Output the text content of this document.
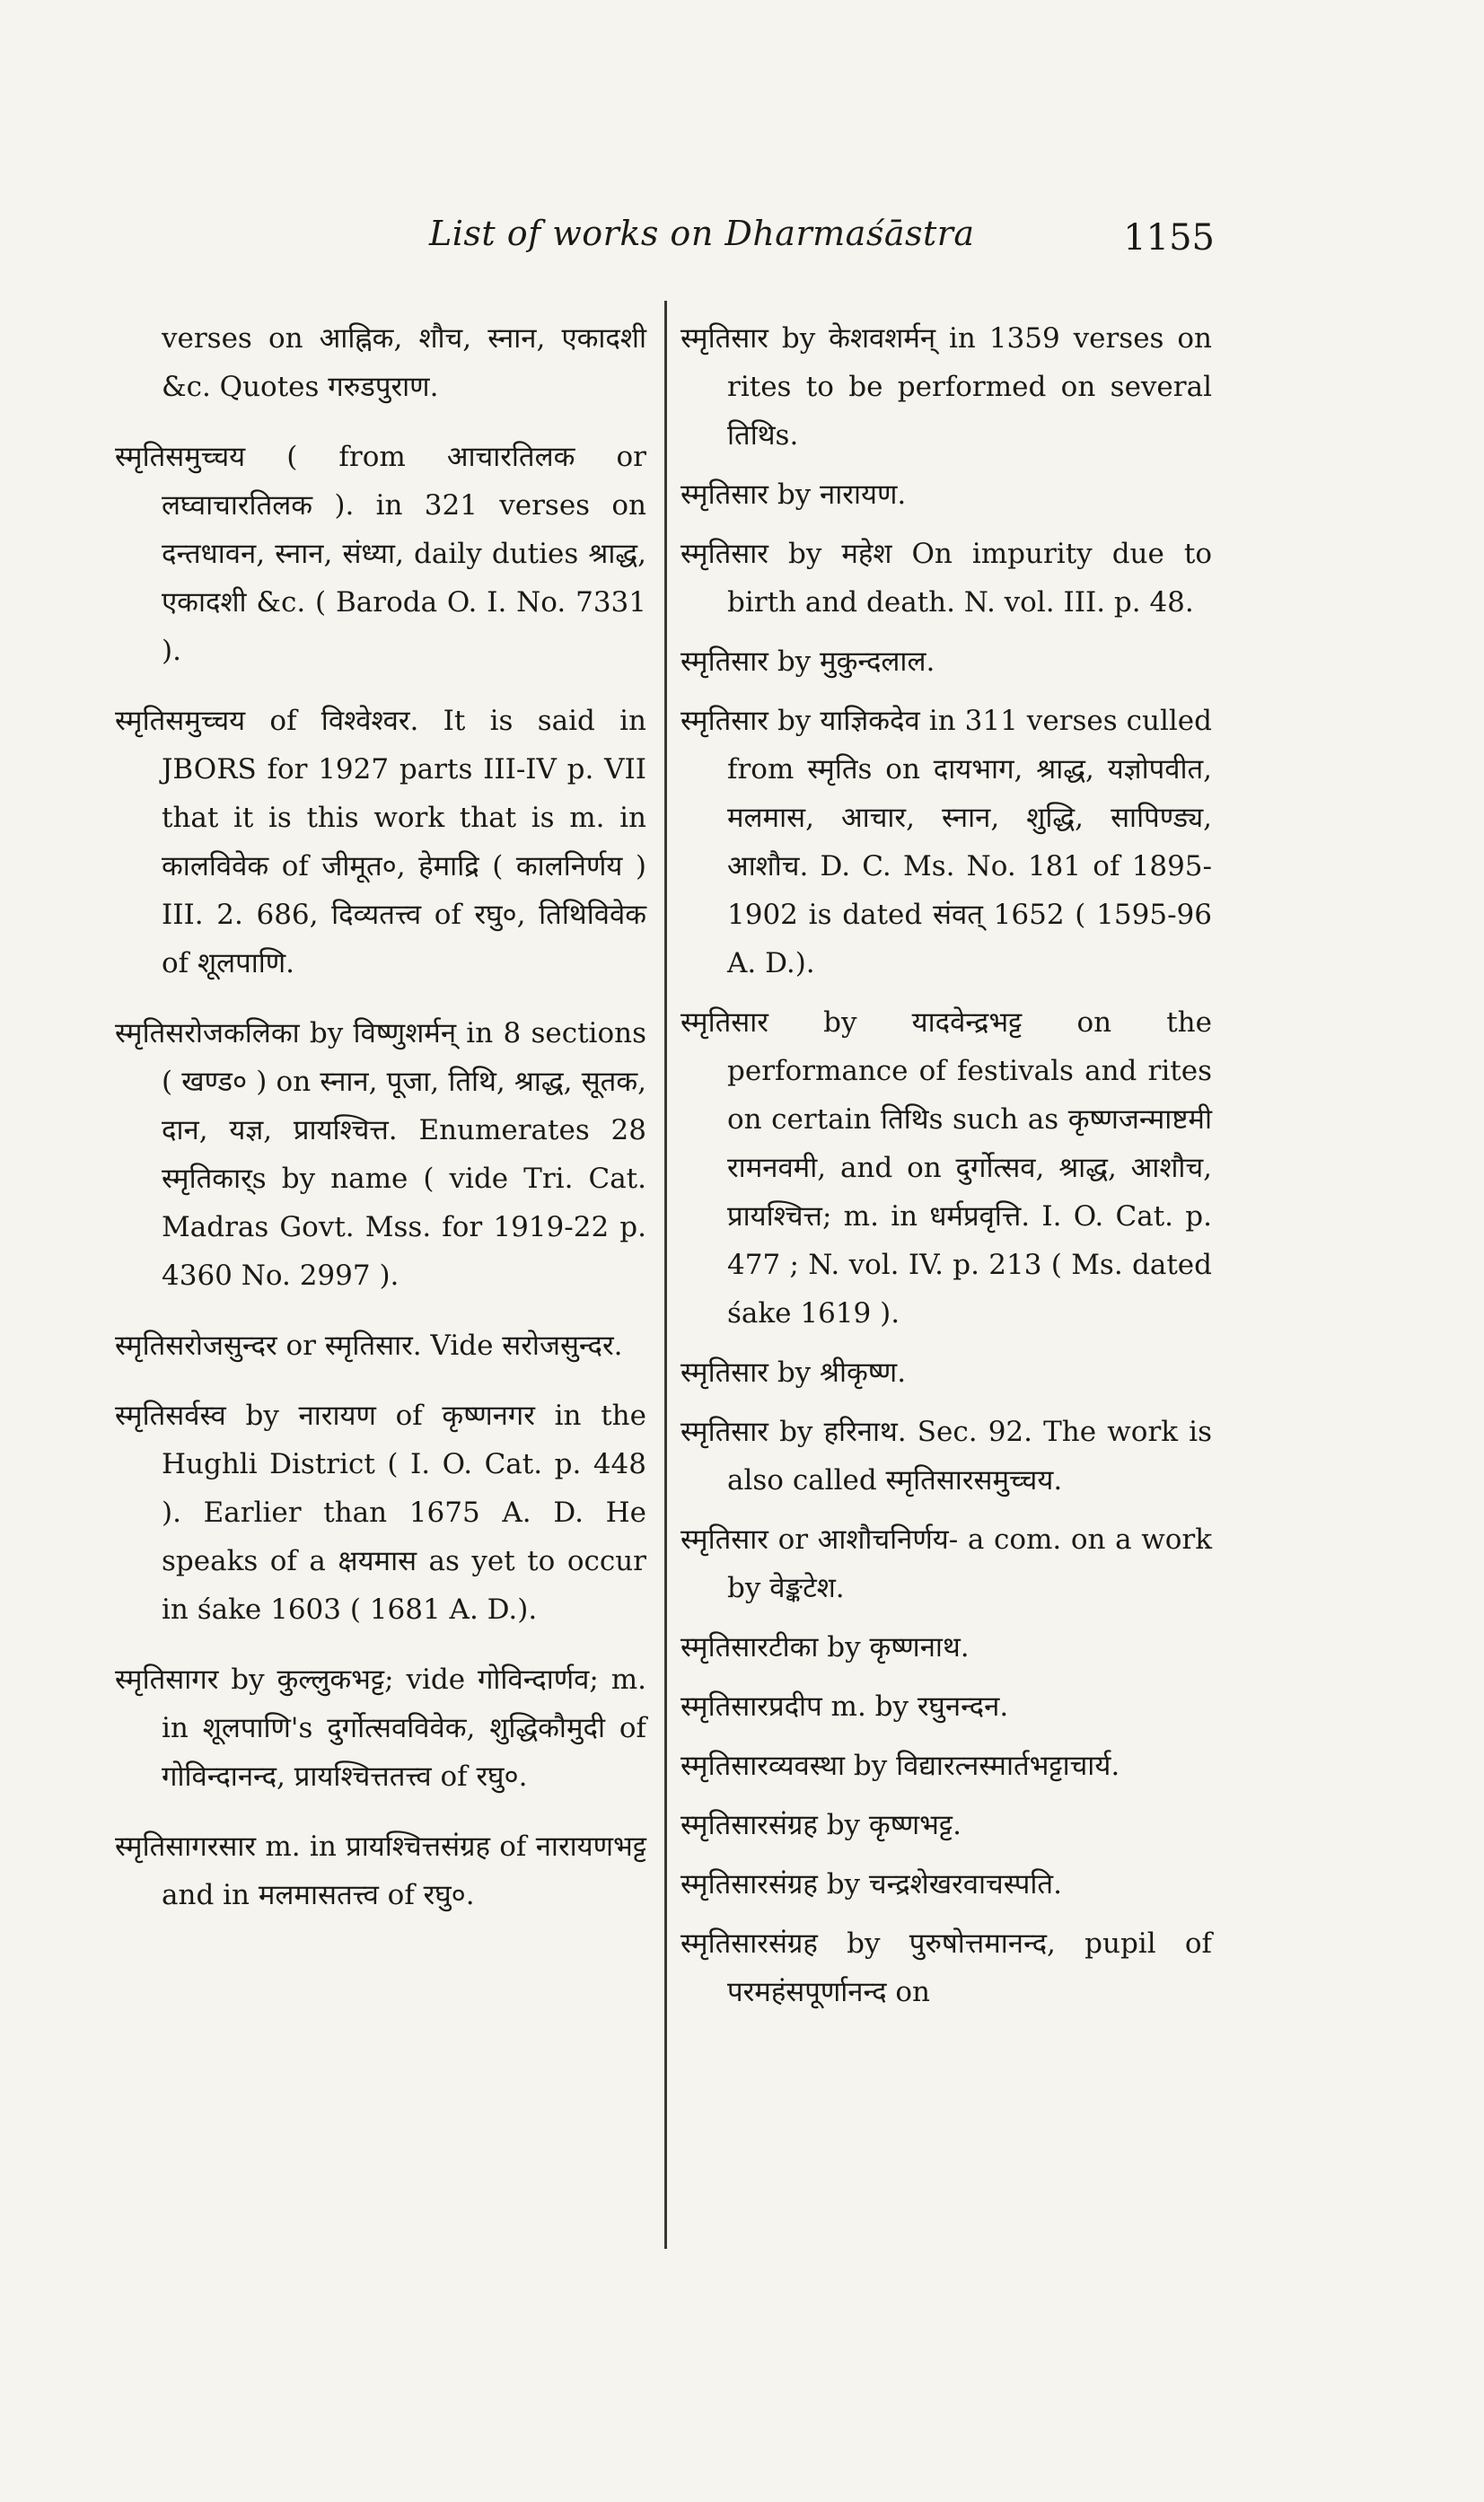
List of works on Dharmaśāstra	1155

verses on आह्निक, शौच, स्नान, एकादशी &c. Quotes गरुडपुराण.

स्मृतिसमुच्चय ( from आचारतिलक or लघ्वाचारतिलक ). in 321 verses on दन्तधावन, स्नान, संध्या, daily duties श्राद्ध, एकादशी &c. ( Baroda O. I. No. 7331 ).

स्मृतिसमुच्चय of विश्वेश्वर. It is said in JBORS for 1927 parts III-IV p. VII that it is this work that is m. in कालविवेक of जीमूत०, हेमाद्रि ( कालनिर्णय ) III. 2. 686, दिव्यतत्त्व of रघु०, तिथिविवेक of शूलपाणि.

स्मृतिसरोजकलिका by विष्णुशर्मन् in 8 sections ( खण्ड० ) on स्नान, पूजा, तिथि, श्राद्ध, सूतक, दान, यज्ञ, प्रायश्चित्त. Enumerates 28 स्मृतिकार्s by name ( vide Tri. Cat. Madras Govt. Mss. for 1919-22 p. 4360 No. 2997 ).

स्मृतिसरोजसुन्दर or स्मृतिसार. Vide सरोजसुन्दर.

स्मृतिसर्वस्व by नारायण of कृष्णनगर in the Hughli District ( I. O. Cat. p. 448 ). Earlier than 1675 A. D. He speaks of a क्षयमास as yet to occur in śake 1603 ( 1681 A. D.).

स्मृतिसागर by कुल्लुकभट्ट; vide गोविन्दार्णव; m. in शूलपाणि's दुर्गोत्सवविवेक, शुद्धिकौमुदी of गोविन्दानन्द, प्रायश्चित्ततत्त्व of रघु०.

स्मृतिसागरसार m. in प्रायश्चित्तसंग्रह of नारायणभट्ट and in मलमासतत्त्व of रघु०.

स्मृतिसार by केशवशर्मन् in 1359 verses on rites to be performed on several तिथिs.

स्मृतिसार by नारायण.

स्मृतिसार by महेश On impurity due to birth and death. N. vol. III. p. 48.

स्मृतिसार by मुकुन्दलाल.

स्मृतिसार by याज्ञिकदेव in 311 verses culled from स्मृतिs on दायभाग, श्राद्ध, यज्ञोपवीत, मलमास, आचार, स्नान, शुद्धि, सापिण्ड्य, आशौच. D. C. Ms. No. 181 of 1895-1902 is dated संवत् 1652 ( 1595-96 A. D.).

स्मृतिसार by यादवेन्द्रभट्ट on the performance of festivals and rites on certain तिथिs such as कृष्णजन्माष्टमी रामनवमी, and on दुर्गोत्सव, श्राद्ध, आशौच, प्रायश्चित्त; m. in धर्मप्रवृत्ति. I. O. Cat. p. 477 ; N. vol. IV. p. 213 ( Ms. dated śake 1619 ).

स्मृतिसार by श्रीकृष्ण.

स्मृतिसार by हरिनाथ. Sec. 92. The work is also called स्मृतिसारसमुच्चय.

स्मृतिसार or आशौचनिर्णय- a com. on a work by वेङ्कटेश.

स्मृतिसारटीका by कृष्णनाथ.

स्मृतिसारप्रदीप m. by रघुनन्दन.

स्मृतिसारव्यवस्था by विद्यारत्नस्मार्तभट्टाचार्य.

स्मृतिसारसंग्रह by कृष्णभट्ट.

स्मृतिसारसंग्रह by चन्द्रशेखरवाचस्पति.

स्मृतिसारसंग्रह by पुरुषोत्तमानन्द, pupil of परमहंसपूर्णानन्द on
